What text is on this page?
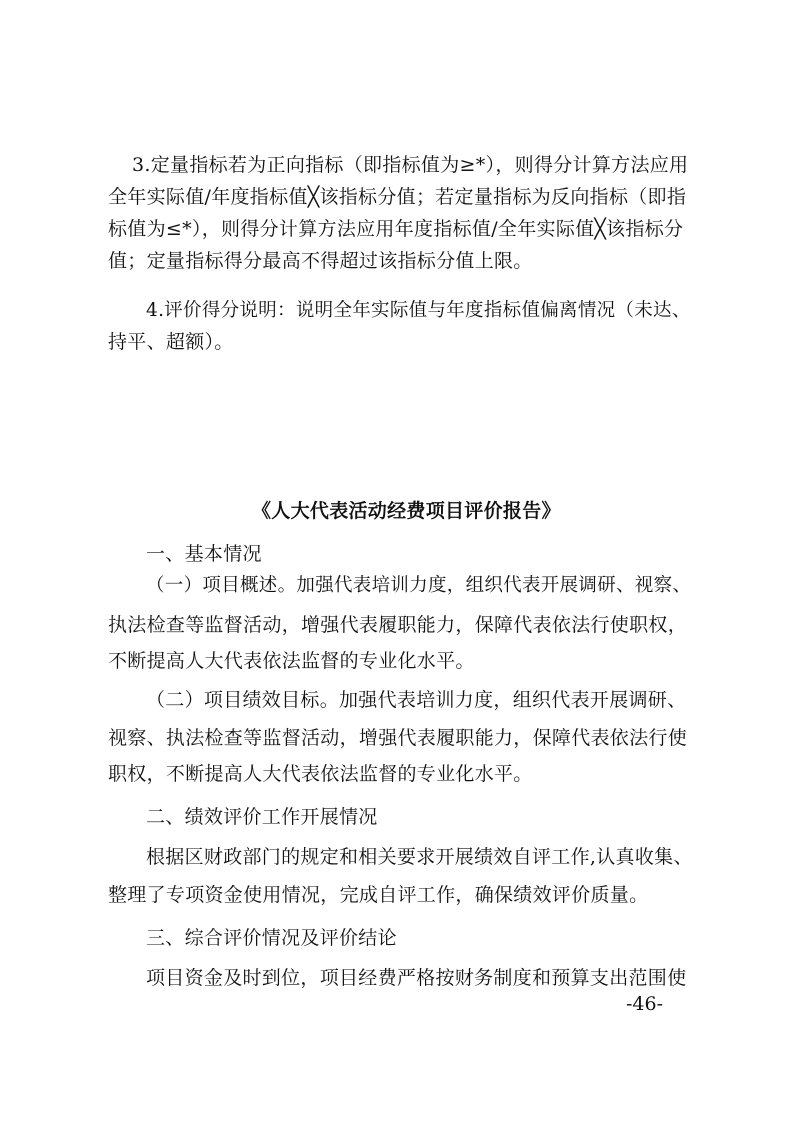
3.定量指标若为正向指标（即指标值为≥*），则得分计算方法应用
全年实际值/年度指标值╳该指标分值；若定量指标为反向指标（即指
标值为≤*），则得分计算方法应用年度指标值/全年实际值╳该指标分
值；定量指标得分最高不得超过该指标分值上限。
4.评价得分说明：说明全年实际值与年度指标值偏离情况（未达、
持平、超额）。
《人大代表活动经费项目评价报告》
一、基本情况
（一）项目概述。加强代表培训力度，组织代表开展调研、视察、
执法检查等监督活动，增强代表履职能力，保障代表依法行使职权，
不断提高人大代表依法监督的专业化水平。
（二）项目绩效目标。加强代表培训力度，组织代表开展调研、
视察、执法检查等监督活动，增强代表履职能力，保障代表依法行使
职权，不断提高人大代表依法监督的专业化水平。
二、绩效评价工作开展情况
根据区财政部门的规定和相关要求开展绩效自评工作,认真收集、
整理了专项资金使用情况，完成自评工作，确保绩效评价质量。
三、综合评价情况及评价结论
项目资金及时到位，项目经费严格按财务制度和预算支出范围使
-46-
